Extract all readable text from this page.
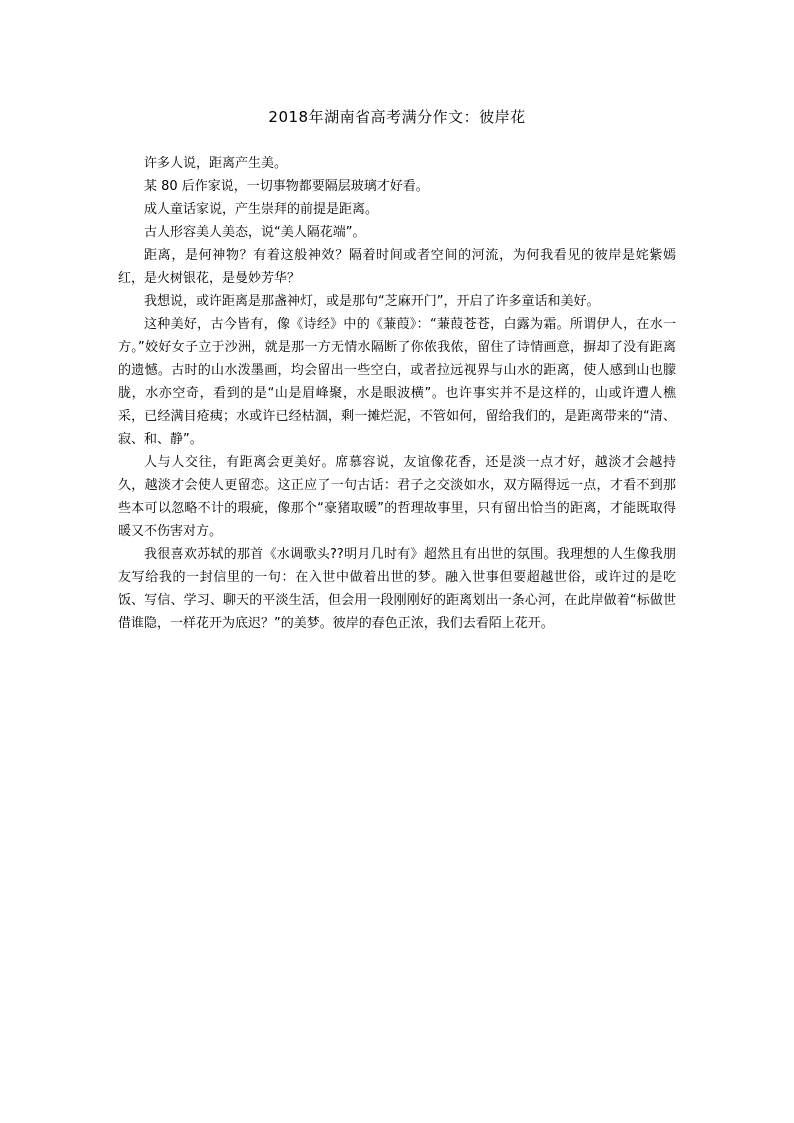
2018年湖南省高考满分作文：彼岸花

许多人说，距离产生美。

某 80 后作家说，一切事物都要隔层玻璃才好看。

成人童话家说，产生崇拜的前提是距离。

古人形容美人美态，说“美人隔花端”。

距离，是何神物？有着这般神效？隔着时间或者空间的河流，为何我看见的彼岸是姹紫嫣红，是火树银花，是曼妙芳华？

我想说，或许距离是那盏神灯，或是那句“芝麻开门”，开启了许多童话和美好。

这种美好，古今皆有，像《诗经》中的《蒹葭》：“蒹葭苍苍，白露为霜。所谓伊人，在水一方。”姣好女子立于沙洲，就是那一方无情水隔断了你侬我侬，留住了诗情画意，摒却了没有距离的遗憾。古时的山水泼墨画，均会留出一些空白，或者拉远视界与山水的距离，使人感到山也朦胧，水亦空奇，看到的是“山是眉峰聚，水是眼波横”。也许事实并不是这样的，山或许遭人樵采，已经满目疮痍；水或许已经枯涸，剩一摊烂泥，不管如何，留给我们的，是距离带来的“清、寂、和、静”。

人与人交往，有距离会更美好。席慕容说，友谊像花香，还是淡一点才好，越淡才会越持久，越淡才会使人更留恋。这正应了一句古话：君子之交淡如水，双方隔得远一点，才看不到那些本可以忽略不计的瑕疵，像那个“豪猪取暖”的哲理故事里，只有留出恰当的距离，才能既取得暖又不伤害对方。

我很喜欢苏轼的那首《水调歌头??明月几时有》超然且有出世的氛围。我理想的人生像我朋友写给我的一封信里的一句：在入世中做着出世的梦。融入世事但要超越世俗，或许过的是吃饭、写信、学习、聊天的平淡生活，但会用一段刚刚好的距离划出一条心河，在此岸做着“标做世借谁隐，一样花开为底迟？”的美梦。彼岸的春色正浓，我们去看陌上花开。
